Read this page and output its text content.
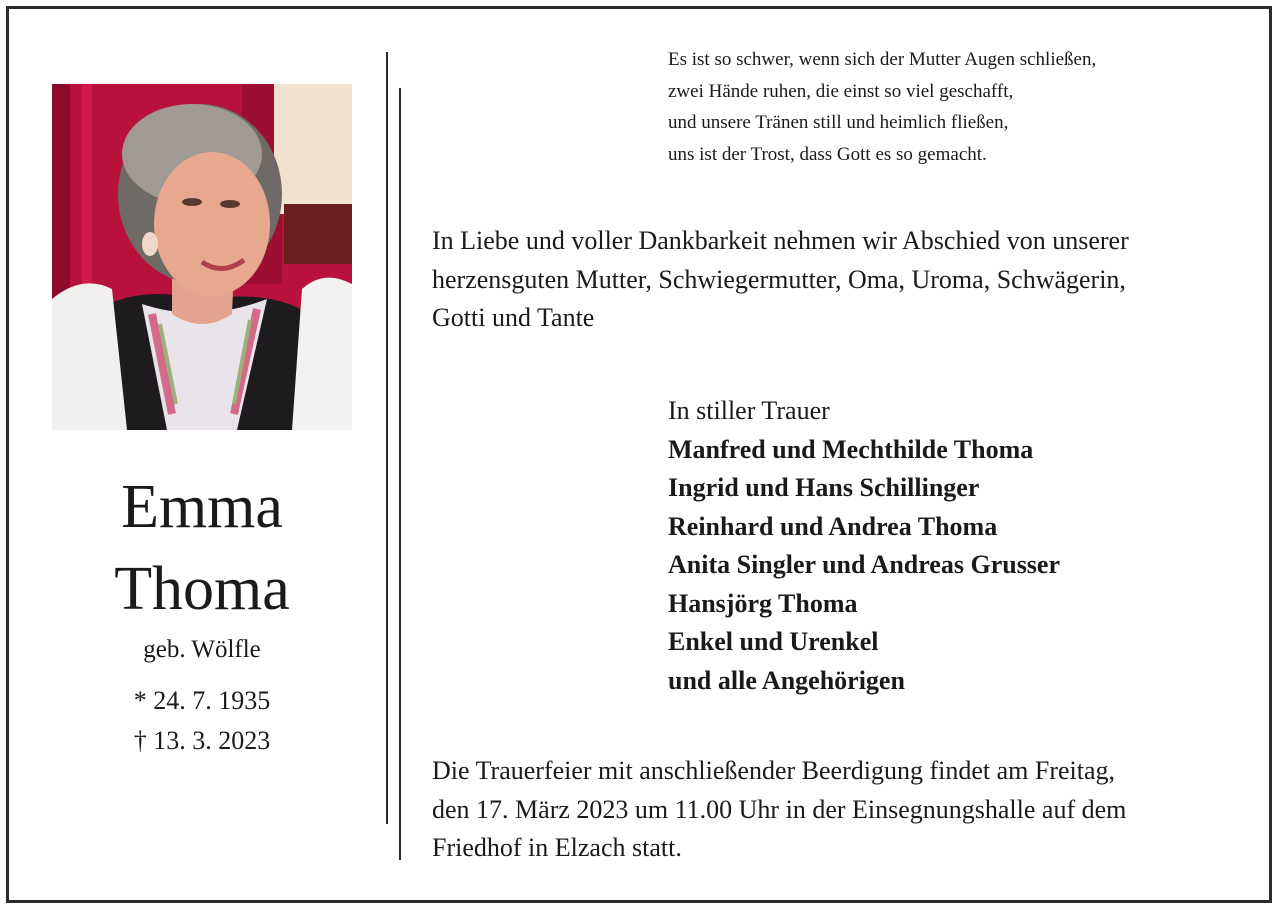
Emma
Thoma
geb. Wölfle
* 24. 7. 1935
† 13. 3. 2023
Es ist so schwer, wenn sich der Mutter Augen schließen,
zwei Hände ruhen, die einst so viel geschafft,
und unsere Tränen still und heimlich fließen,
uns ist der Trost, dass Gott es so gemacht.
In Liebe und voller Dankbarkeit nehmen wir Abschied von unserer
herzensguten Mutter, Schwiegermutter, Oma, Uroma, Schwägerin,
Gotti und Tante
In stiller Trauer
Manfred und Mechthilde Thoma
Ingrid und Hans Schillinger
Reinhard und Andrea Thoma
Anita Singler und Andreas Grusser
Hansjörg Thoma
Enkel und Urenkel
und alle Angehörigen
Die Trauerfeier mit anschließender Beerdigung findet am Freitag,
den 17. März 2023 um 11.00 Uhr in der Einsegnungshalle auf dem
Friedhof in Elzach statt.
